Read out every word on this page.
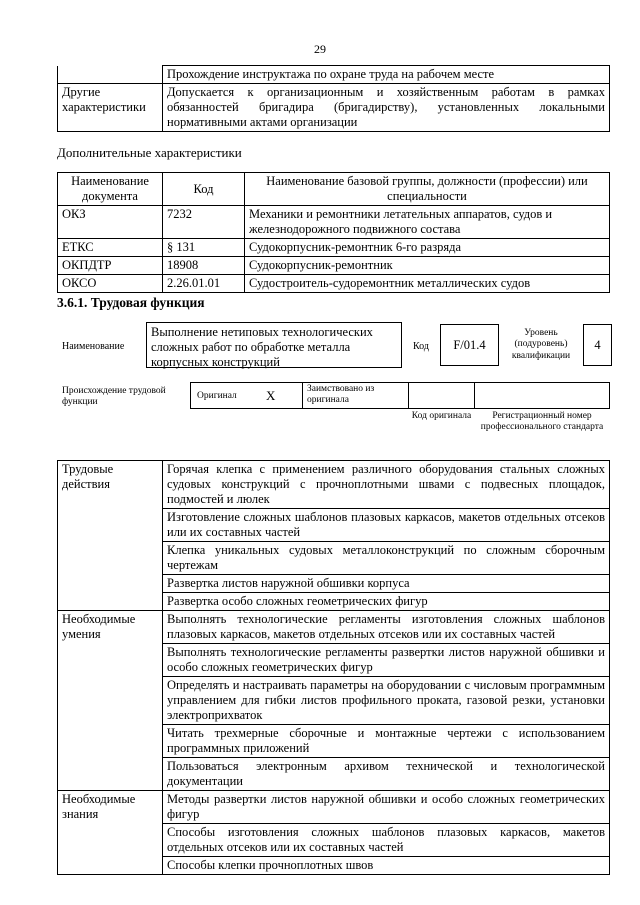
29
	Прохождение инструктажа по охране труда на рабочем месте
Другие характеристики	Допускается к организационным и хозяйственным работам в рамках обязанностей бригадира (бригадирству), установленных локальными нормативными актами организации
Дополнительные характеристики
Наименование документа	Код	Наименование базовой группы, должности (профессии) или специальности
ОКЗ	7232	Механики и ремонтники летательных аппаратов, судов и железнодорожного подвижного состава
ЕТКС	§ 131	Судокорпусник-ремонтник 6-го разряда
ОКПДТР	18908	Судокорпусник-ремонтник
ОКСО	2.26.01.01	Судостроитель-судоремонтник металлических судов
3.6.1. Трудовая функция
Наименование
Выполнение нетиповых технологических сложных работ по обработке металла корпусных конструкций
Код F/01.4
Уровень (подуровень) квалификации
4
Происхождение трудовой функции
Оригинал X	Заимствовано из оригинала
Код оригинала	Регистрационный номер профессионального стандарта
Трудовые действия	Горячая клепка с применением различного оборудования стальных сложных судовых конструкций с прочноплотными швами с подвесных площадок, подмостей и люлек
	Изготовление сложных шаблонов плазовых каркасов, макетов отдельных отсеков или их составных частей
	Клепка уникальных судовых металлоконструкций по сложным сборочным чертежам
	Развертка листов наружной обшивки корпуса
	Развертка особо сложных геометрических фигур
Необходимые умения	Выполнять технологические регламенты изготовления сложных шаблонов плазовых каркасов, макетов отдельных отсеков или их составных частей
	Выполнять технологические регламенты развертки листов наружной обшивки и особо сложных геометрических фигур
	Определять и настраивать параметры на оборудовании с числовым программным управлением для гибки листов профильного проката, газовой резки, установки электроприхваток
	Читать трехмерные сборочные и монтажные чертежи с использованием программных приложений
	Пользоваться электронным архивом технической и технологической документации
Необходимые знания	Методы развертки листов наружной обшивки и особо сложных геометрических фигур
	Способы изготовления сложных шаблонов плазовых каркасов, макетов отдельных отсеков или их составных частей
	Способы клепки прочноплотных швов
